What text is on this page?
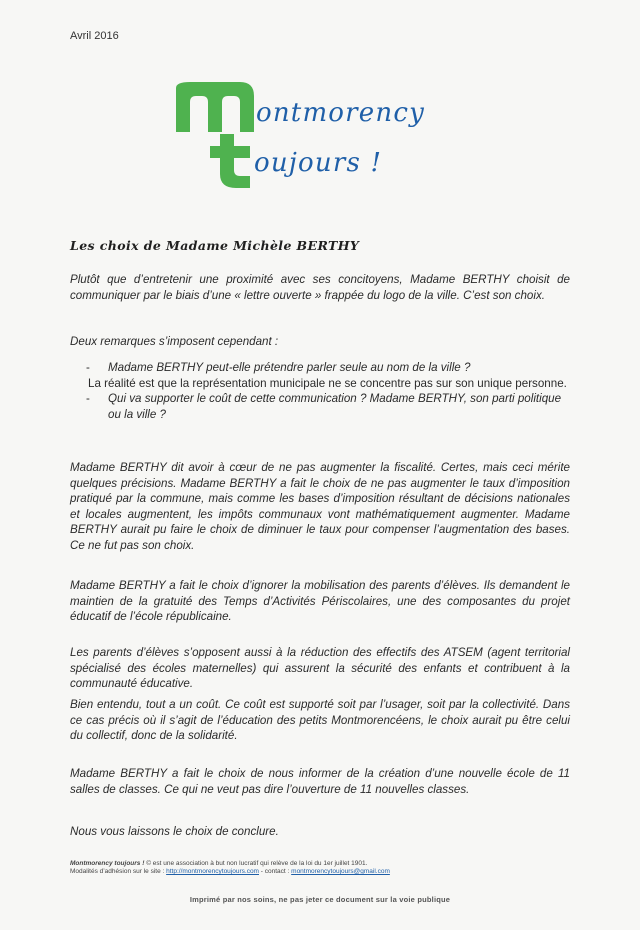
Avril 2016
ontmorency
oujours !
Les choix de Madame Michèle BERTHY
Plutôt que d’entretenir une proximité avec ses concitoyens, Madame BERTHY choisit de communiquer par le biais d’une « lettre ouverte » frappée du logo de la ville. C’est son choix.
Deux remarques s’imposent cependant :
- Madame BERTHY peut-elle prétendre parler seule au nom de la ville ?
La réalité est que la représentation municipale ne se concentre pas sur son unique personne.
- Qui va supporter le coût de cette communication ? Madame BERTHY, son parti politique ou la ville ?
Madame BERTHY dit avoir à cœur de ne pas augmenter la fiscalité. Certes, mais ceci mérite quelques précisions. Madame BERTHY a fait le choix de ne pas augmenter le taux d’imposition pratiqué par la commune, mais comme les bases d’imposition résultant de décisions nationales et locales augmentent, les impôts communaux vont mathématiquement augmenter. Madame BERTHY aurait pu faire le choix de diminuer le taux pour compenser l’augmentation des bases. Ce ne fut pas son choix.
Madame BERTHY a fait le choix d’ignorer la mobilisation des parents d’élèves. Ils demandent le maintien de la gratuité des Temps d’Activités Périscolaires, une des composantes du projet éducatif de l’école républicaine.
Les parents d’élèves s’opposent aussi à la réduction des effectifs des ATSEM (agent territorial spécialisé des écoles maternelles) qui assurent la sécurité des enfants et contribuent à la communauté éducative.
Bien entendu, tout a un coût. Ce coût est supporté soit par l’usager, soit par la collectivité. Dans ce cas précis où il s’agit de l’éducation des petits Montmorencéens, le choix aurait pu être celui du collectif, donc de la solidarité.
Madame BERTHY a fait le choix de nous informer de la création d’une nouvelle école de 11 salles de classes. Ce qui ne veut pas dire l’ouverture de 11 nouvelles classes.
Nous vous laissons le choix de conclure.
Montmorency toujours ! © est une association à but non lucratif qui relève de la loi du 1er juillet 1901.
Modalités d’adhésion sur le site : http://montmorencytoujours.com - contact : montmorencytoujours@gmail.com
Imprimé par nos soins, ne pas jeter ce document sur la voie publique
